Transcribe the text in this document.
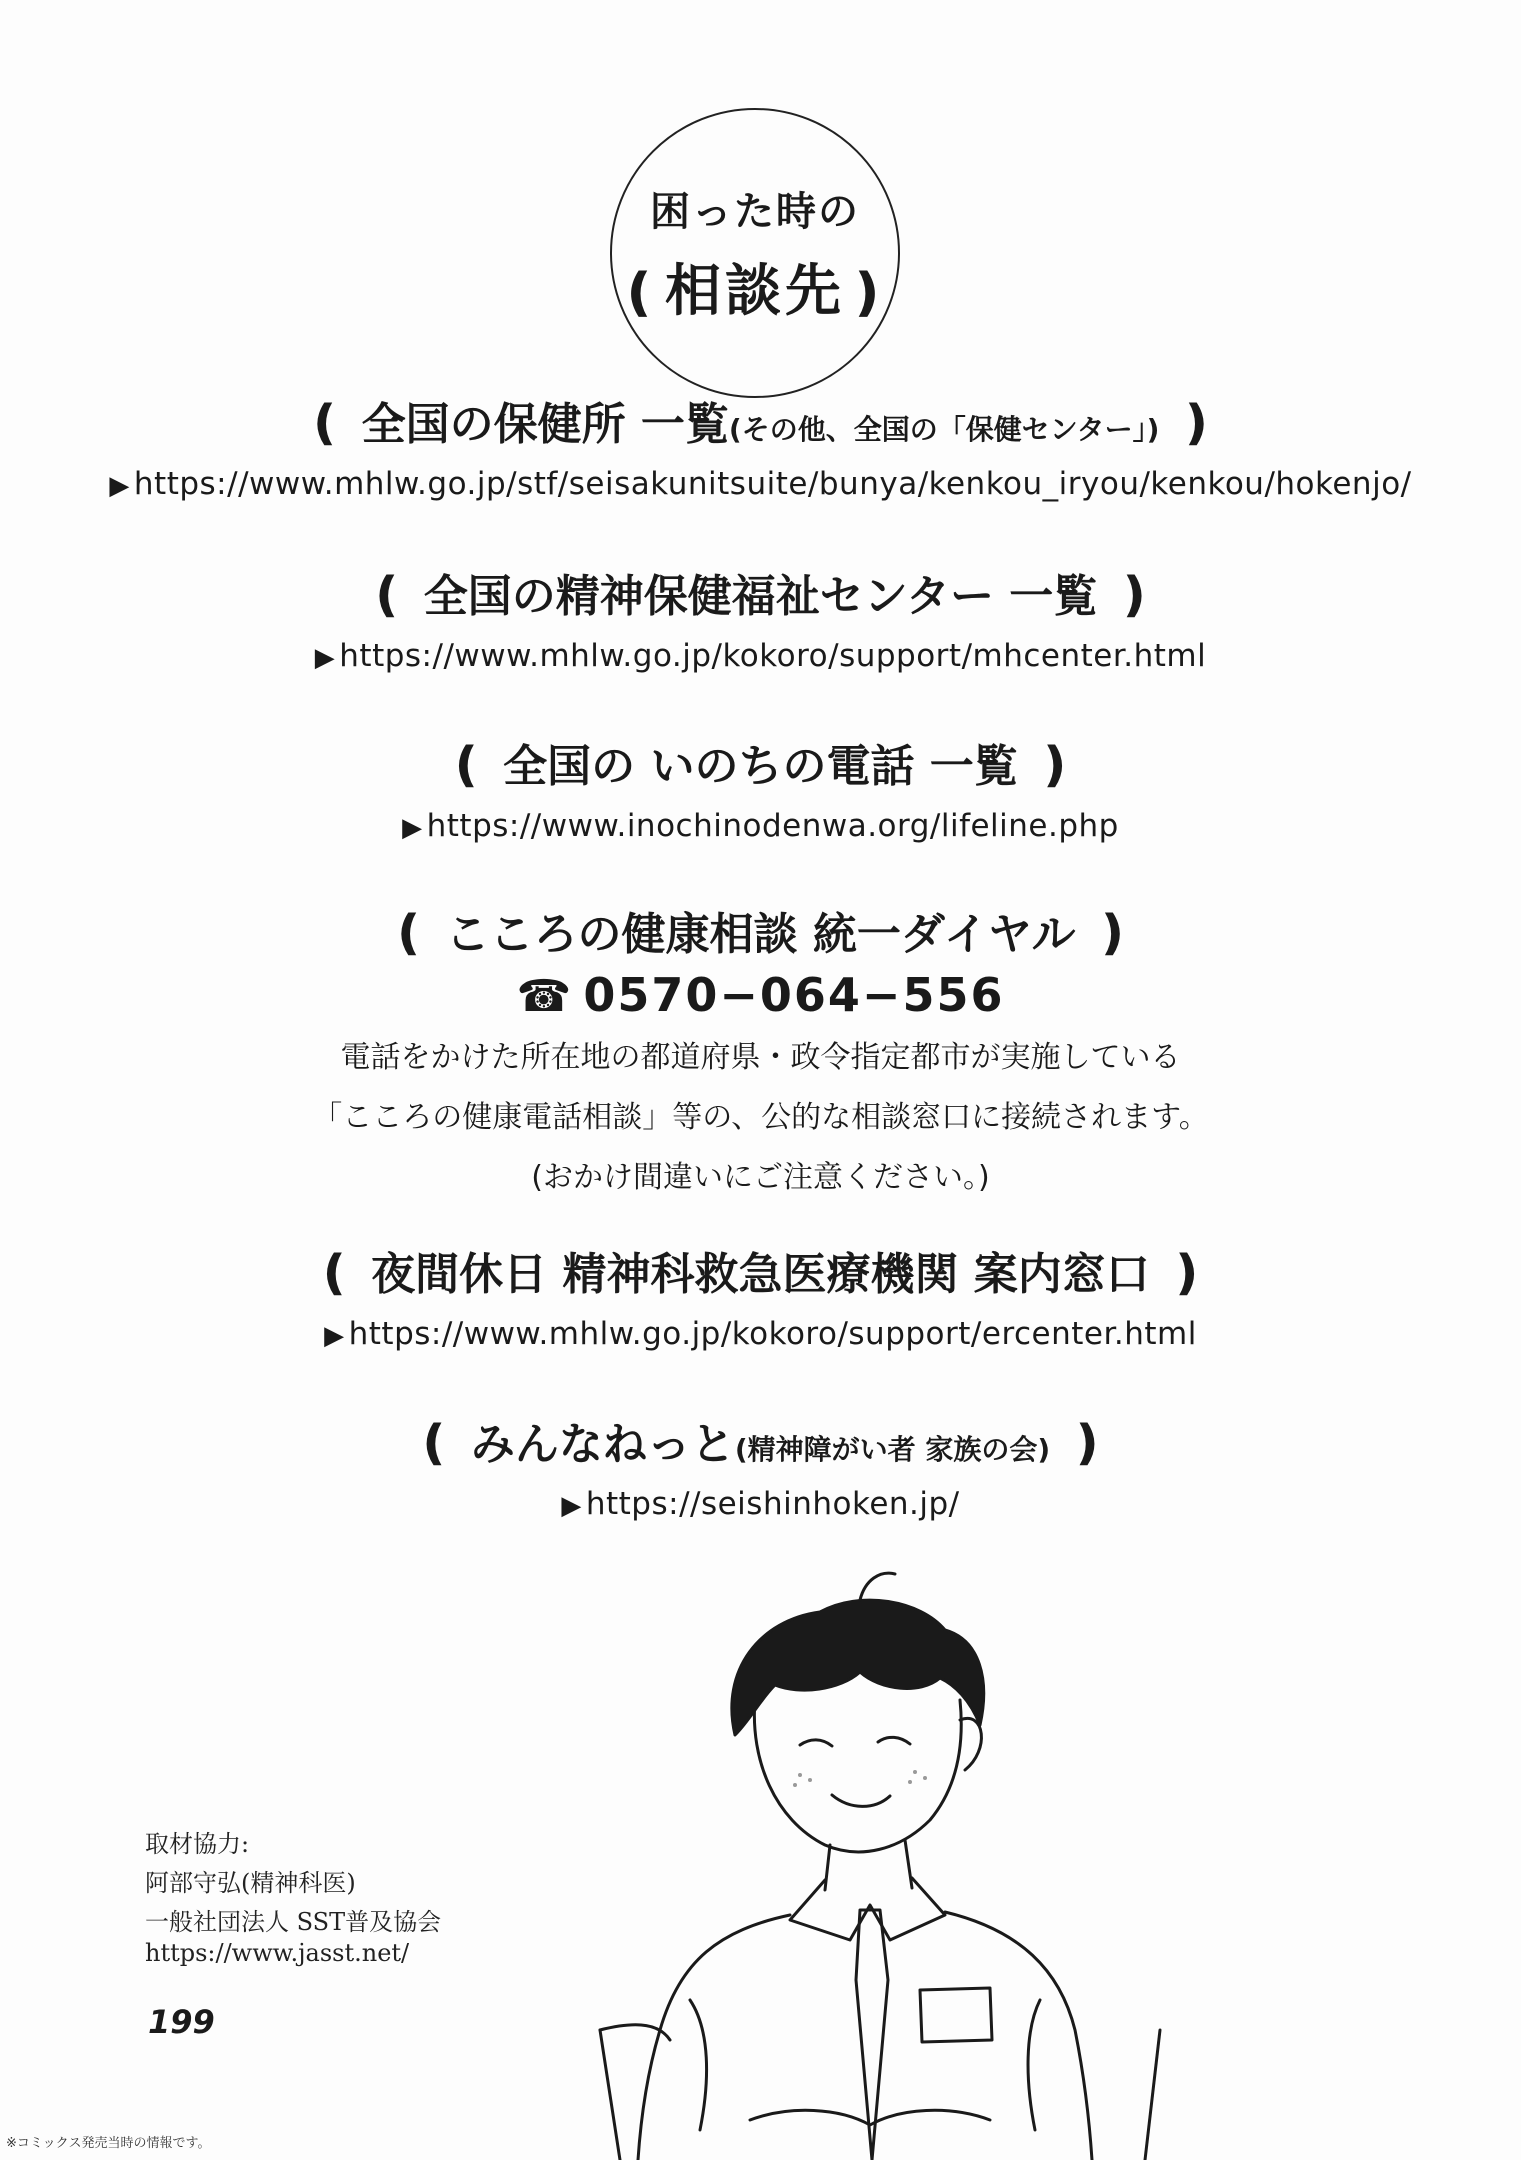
困った時の
❪相談先❫
❪ 全国の保健所 一覧(その他、全国の「保健センター」) ❫
▶ https://www.mhlw.go.jp/stf/seisakunitsuite/bunya/kenkou_iryou/kenkou/hokenjo/
❪ 全国の精神保健福祉センター 一覧 ❫
▶ https://www.mhlw.go.jp/kokoro/support/mhcenter.html
❪ 全国の いのちの電話 一覧 ❫
▶ https://www.inochinodenwa.org/lifeline.php
❪ こころの健康相談 統一ダイヤル ❫
☎ 0570−064−556
電話をかけた所在地の都道府県・政令指定都市が実施している
「こころの健康電話相談」等の、公的な相談窓口に接続されます。
(おかけ間違いにご注意ください。)
❪ 夜間休日 精神科救急医療機関 案内窓口 ❫
▶ https://www.mhlw.go.jp/kokoro/support/ercenter.html
❪ みんなねっと(精神障がい者 家族の会) ❫
▶ https://seishinhoken.jp/
取材協力:
阿部守弘(精神科医)
一般社団法人 SST普及協会
https://www.jasst.net/
199
※コミックス発売当時の情報です。
